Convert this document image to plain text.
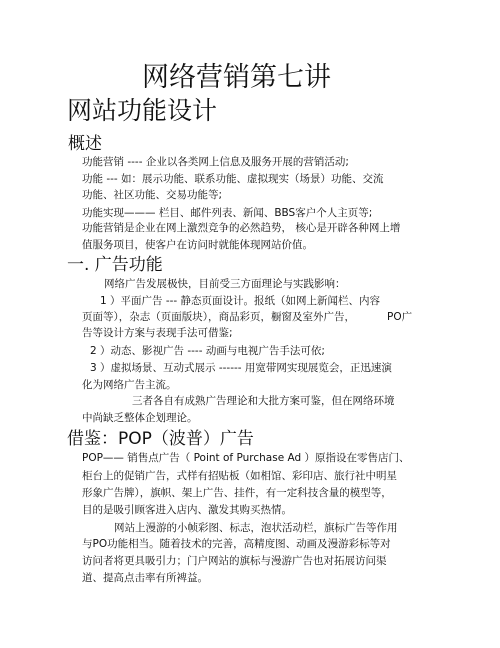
网络营销第七讲
网站功能设计
概述
功能营销 ---- 企业以各类网上信息及服务开展的营销活动;
功能 --- 如：展示功能、联系功能、虚拟现实（场景）功能、交流
功能、社区功能、交易功能等;
功能实现——— 栏目、邮件列表、新闻、BBS客户个人主页等;
功能营销是企业在网上激烈竞争的必然趋势， 核心是开辟各种网上增
值服务项目，使客户在访问时就能体现网站价值。
一. 广告功能
网络广告发展极快，目前受三方面理论与实践影响：
1 ）平面广告 --- 静态页面设计。报纸（如网上新闻栏、内容
页面等），杂志（页面版块），商品彩页，橱窗及室外广告，	PO广
告等设计方案与表现手法可借鉴;
2 ）动态、影视广告 ---- 动画与电视广告手法可依;
3 ）虚拟场景、互动式展示 ------ 用宽带网实现展览会，正迅速演
化为网络广告主流。
三者各自有成熟广告理论和大批方案可鉴，但在网络环境
中尚缺乏整体企划理论。
借鉴：POP（波普）广告
POP—— 销售点广告（ Point of Purchase Ad ）原指设在零售店门、
柜台上的促销广告，式样有招贴板（如相馆、彩印店、旅行社中明星
形象广告牌），旗帜、架上广告、挂件，有一定科技含量的模型等，
目的是吸引顾客进入店内、激发其购买热情。
网站上漫游的小帧彩图、标志，泡状活动栏，旗标广告等作用
与PO功能相当。随着技术的完善，高精度图、动画及漫游彩标等对
访问者将更具吸引力；门户网站的旗标与漫游广告也对拓展访问渠
道、提高点击率有所裨益。
